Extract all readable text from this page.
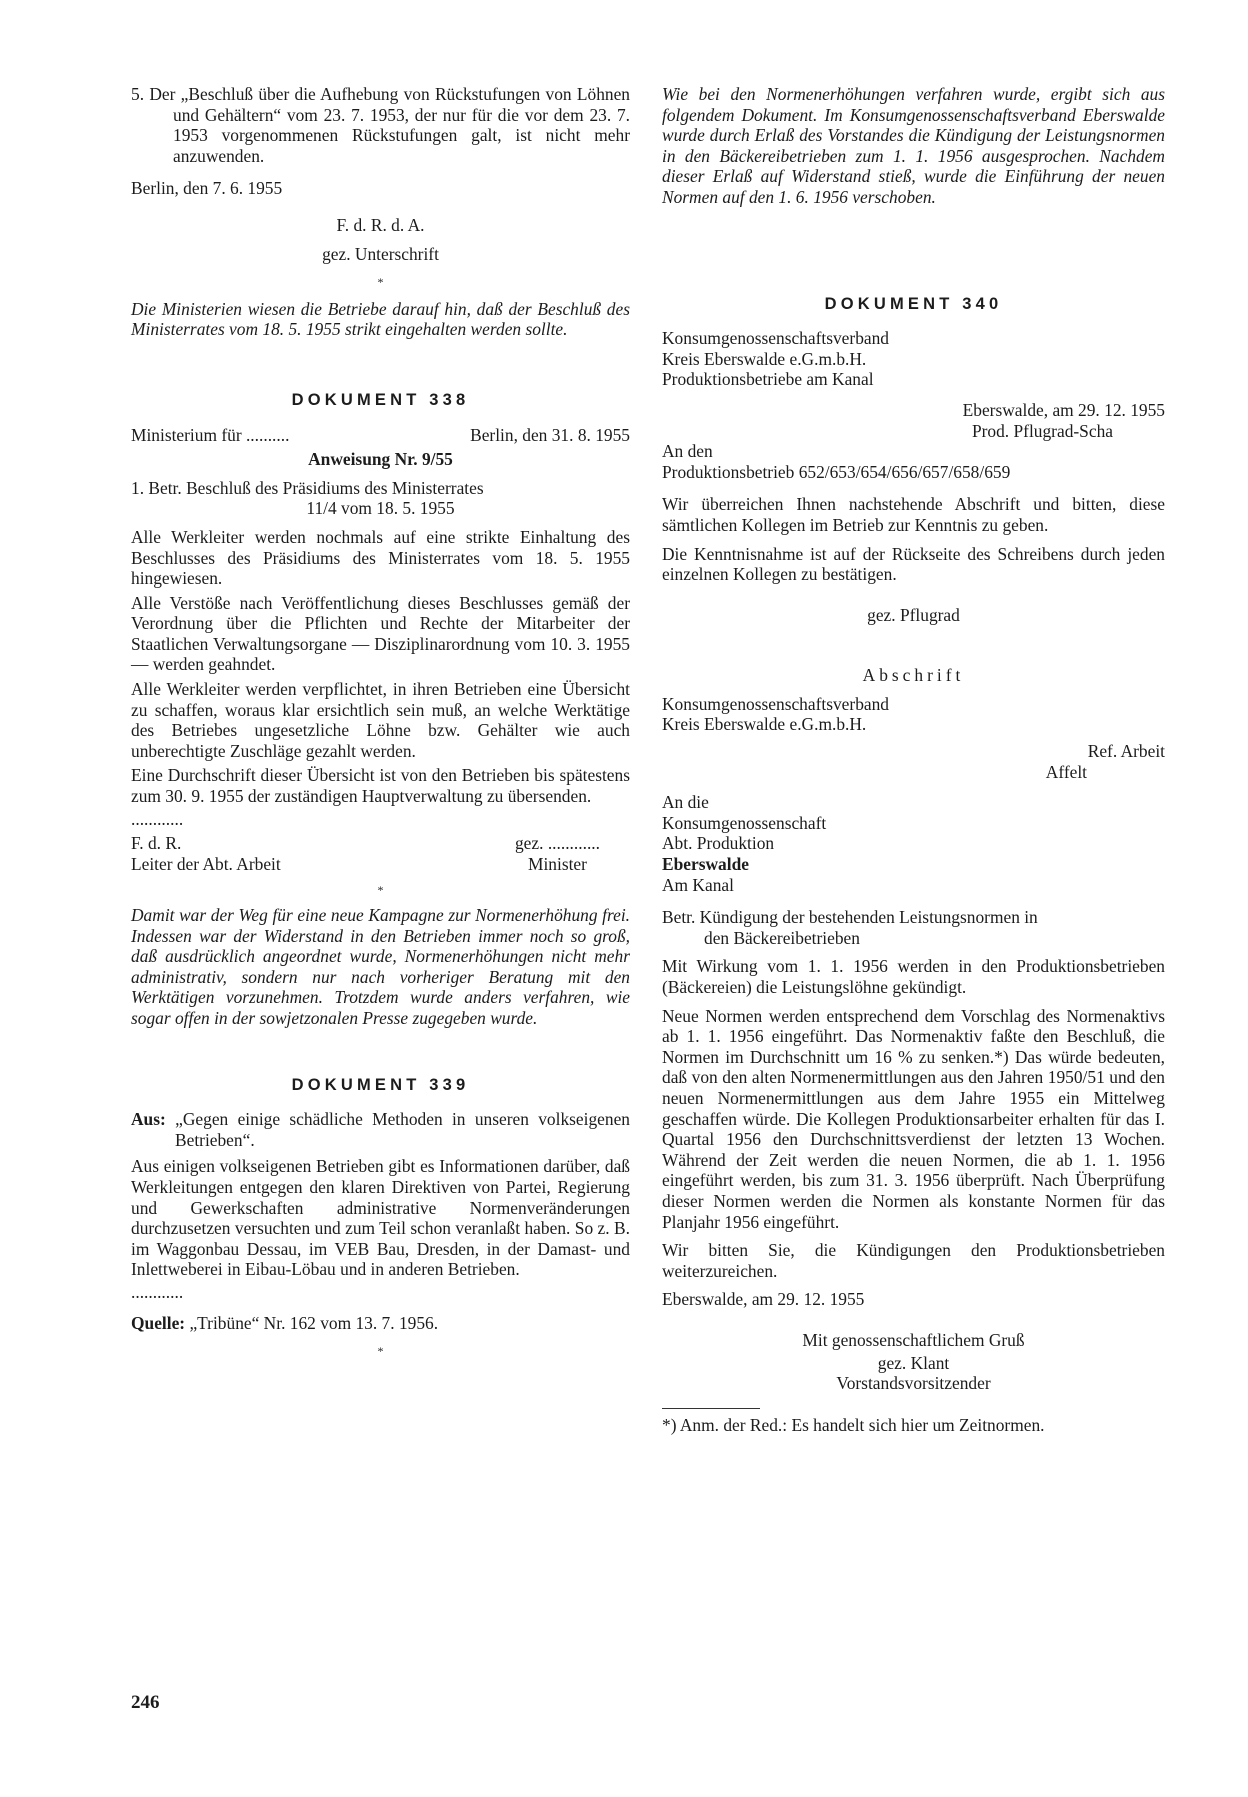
5. Der „Beschluß über die Aufhebung von Rückstufungen von Löhnen und Gehältern“ vom 23. 7. 1953, der nur für die vor dem 23. 7. 1953 vorgenommenen Rückstufungen galt, ist nicht mehr anzuwenden.

Berlin, den 7. 6. 1955

F. d. R. d. A.

gez. Unterschrift

*

Die Ministerien wiesen die Betriebe darauf hin, daß der Beschluß des Ministerrates vom 18. 5. 1955 strikt eingehalten werden sollte.

DOKUMENT 338

Ministerium für ..........	Berlin, den 31. 8. 1955

Anweisung Nr. 9/55

1. Betr. Beschluß des Präsidiums des Ministerrates

11/4 vom 18. 5. 1955

Alle Werkleiter werden nochmals auf eine strikte Einhaltung des Beschlusses des Präsidiums des Ministerrates vom 18. 5. 1955 hingewiesen.

Alle Verstöße nach Veröffentlichung dieses Beschlusses gemäß der Verordnung über die Pflichten und Rechte der Mitarbeiter der Staatlichen Verwaltungsorgane — Disziplinarordnung vom 10. 3. 1955 — werden geahndet.

Alle Werkleiter werden verpflichtet, in ihren Betrieben eine Übersicht zu schaffen, woraus klar ersichtlich sein muß, an welche Werktätige des Betriebes ungesetzliche Löhne bzw. Gehälter wie auch unberechtigte Zuschläge gezahlt werden.

Eine Durchschrift dieser Übersicht ist von den Betrieben bis spätestens zum 30. 9. 1955 der zuständigen Hauptverwaltung zu übersenden.

............

F. d. R.

Leiter der Abt. Arbeit

gez. ............

Minister

*

Damit war der Weg für eine neue Kampagne zur Normenerhöhung frei. Indessen war der Widerstand in den Betrieben immer noch so groß, daß ausdrücklich angeordnet wurde, Normenerhöhungen nicht mehr administrativ, sondern nur nach vorheriger Beratung mit den Werktätigen vorzunehmen. Trotzdem wurde anders verfahren, wie sogar offen in der sowjetzonalen Presse zugegeben wurde.

DOKUMENT 339

Aus: „Gegen einige schädliche Methoden in unseren volkseigenen Betrieben“.

Aus einigen volkseigenen Betrieben gibt es Informationen darüber, daß Werkleitungen entgegen den klaren Direktiven von Partei, Regierung und Gewerkschaften administrative Normenveränderungen durchzusetzen versuchten und zum Teil schon veranlaßt haben. So z. B. im Waggonbau Dessau, im VEB Bau, Dresden, in der Damast- und Inlettweberei in Eibau-Löbau und in anderen Betrieben.

............

Quelle: „Tribüne“ Nr. 162 vom 13. 7. 1956.

*

Wie bei den Normenerhöhungen verfahren wurde, ergibt sich aus folgendem Dokument. Im Konsumgenossenschaftsverband Eberswalde wurde durch Erlaß des Vorstandes die Kündigung der Leistungsnormen in den Bäckereibetrieben zum 1. 1. 1956 ausgesprochen. Nachdem dieser Erlaß auf Widerstand stieß, wurde die Einführung der neuen Normen auf den 1. 6. 1956 verschoben.

DOKUMENT 340

Konsumgenossenschaftsverband

Kreis Eberswalde e.G.m.b.H.

Produktionsbetriebe am Kanal

Eberswalde, am 29. 12. 1955

Prod. Pflugrad-Scha

An den

Produktionsbetrieb 652/653/654/656/657/658/659

Wir überreichen Ihnen nachstehende Abschrift und bitten, diese sämtlichen Kollegen im Betrieb zur Kenntnis zu geben.

Die Kenntnisnahme ist auf der Rückseite des Schreibens durch jeden einzelnen Kollegen zu bestätigen.

gez. Pflugrad

Abschrift

Konsumgenossenschaftsverband

Kreis Eberswalde e.G.m.b.H.

Ref. Arbeit

Affelt

An die

Konsumgenossenschaft

Abt. Produktion

Eberswalde

Am Kanal

Betr. Kündigung der bestehenden Leistungsnormen in

den Bäckereibetrieben

Mit Wirkung vom 1. 1. 1956 werden in den Produktionsbetrieben (Bäckereien) die Leistungslöhne gekündigt.

Neue Normen werden entsprechend dem Vorschlag des Normenaktivs ab 1. 1. 1956 eingeführt. Das Normenaktiv faßte den Beschluß, die Normen im Durchschnitt um 16 % zu senken.*) Das würde bedeuten, daß von den alten Normenermittlungen aus den Jahren 1950/51 und den neuen Normenermittlungen aus dem Jahre 1955 ein Mittelweg geschaffen würde. Die Kollegen Produktionsarbeiter erhalten für das I. Quartal 1956 den Durchschnittsverdienst der letzten 13 Wochen. Während der Zeit werden die neuen Normen, die ab 1. 1. 1956 eingeführt werden, bis zum 31. 3. 1956 überprüft. Nach Überprüfung dieser Normen werden die Normen als konstante Normen für das Planjahr 1956 eingeführt.

Wir bitten Sie, die Kündigungen den Produktionsbetrieben weiterzureichen.

Eberswalde, am 29. 12. 1955

Mit genossenschaftlichem Gruß

gez. Klant

Vorstandsvorsitzender

*) Anm. der Red.: Es handelt sich hier um Zeitnormen.

246
